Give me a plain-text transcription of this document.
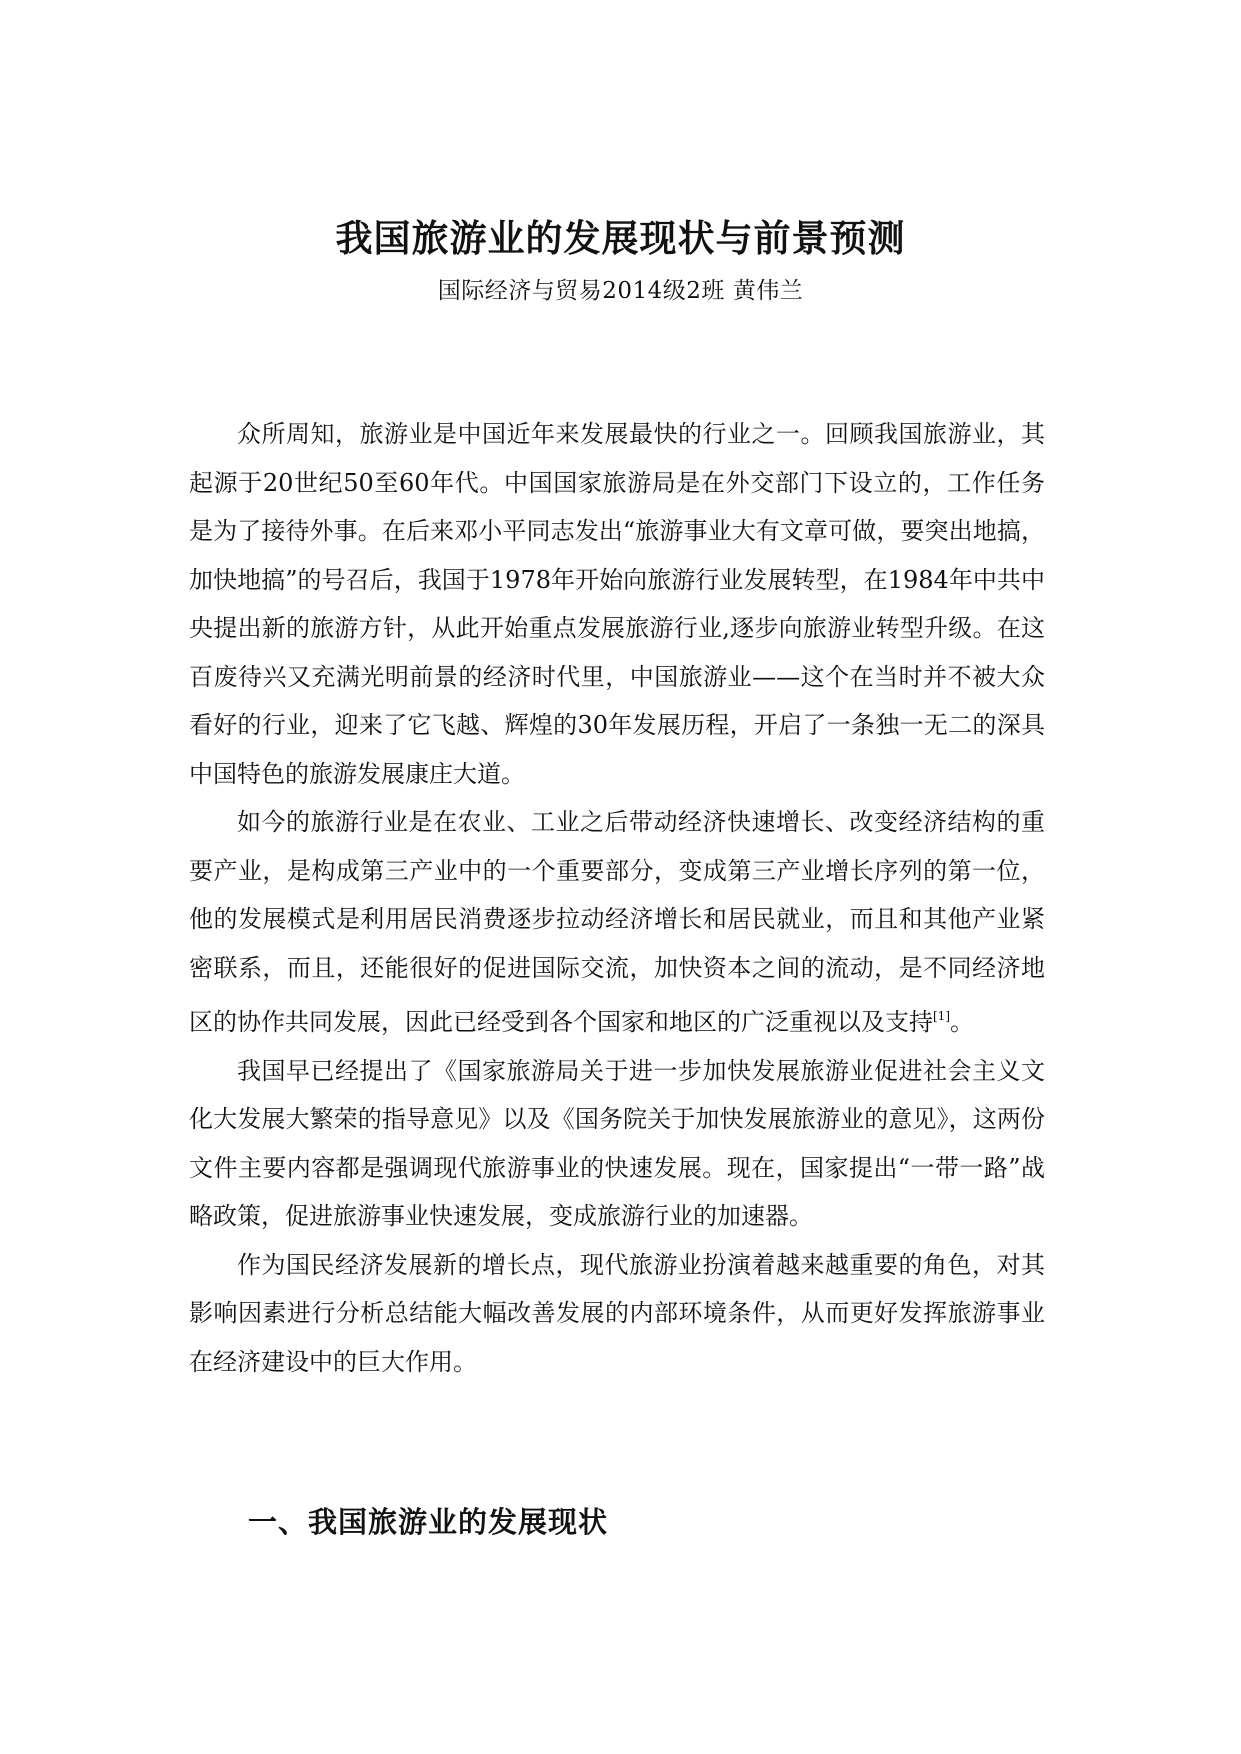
我国旅游业的发展现状与前景预测
国际经济与贸易2014级2班 黄伟兰

众所周知，旅游业是中国近年来发展最快的行业之一。回顾我国旅游业，其起源于20世纪50至60年代。中国国家旅游局是在外交部门下设立的，工作任务是为了接待外事。在后来邓小平同志发出“旅游事业大有文章可做，要突出地搞，加快地搞”的号召后，我国于1978年开始向旅游行业发展转型，在1984年中共中央提出新的旅游方针，从此开始重点发展旅游行业,逐步向旅游业转型升级。在这百废待兴又充满光明前景的经济时代里，中国旅游业——这个在当时并不被大众看好的行业，迎来了它飞越、辉煌的30年发展历程，开启了一条独一无二的深具中国特色的旅游发展康庄大道。

如今的旅游行业是在农业、工业之后带动经济快速增长、改变经济结构的重要产业，是构成第三产业中的一个重要部分，变成第三产业增长序列的第一位，他的发展模式是利用居民消费逐步拉动经济增长和居民就业，而且和其他产业紧密联系，而且，还能很好的促进国际交流，加快资本之间的流动，是不同经济地区的协作共同发展，因此已经受到各个国家和地区的广泛重视以及支持[1]。

我国早已经提出了《国家旅游局关于进一步加快发展旅游业促进社会主义文化大发展大繁荣的指导意见》以及《国务院关于加快发展旅游业的意见》，这两份文件主要内容都是强调现代旅游事业的快速发展。现在，国家提出“一带一路”战略政策，促进旅游事业快速发展，变成旅游行业的加速器。

作为国民经济发展新的增长点，现代旅游业扮演着越来越重要的角色，对其影响因素进行分析总结能大幅改善发展的内部环境条件，从而更好发挥旅游事业在经济建设中的巨大作用。

一、我国旅游业的发展现状
